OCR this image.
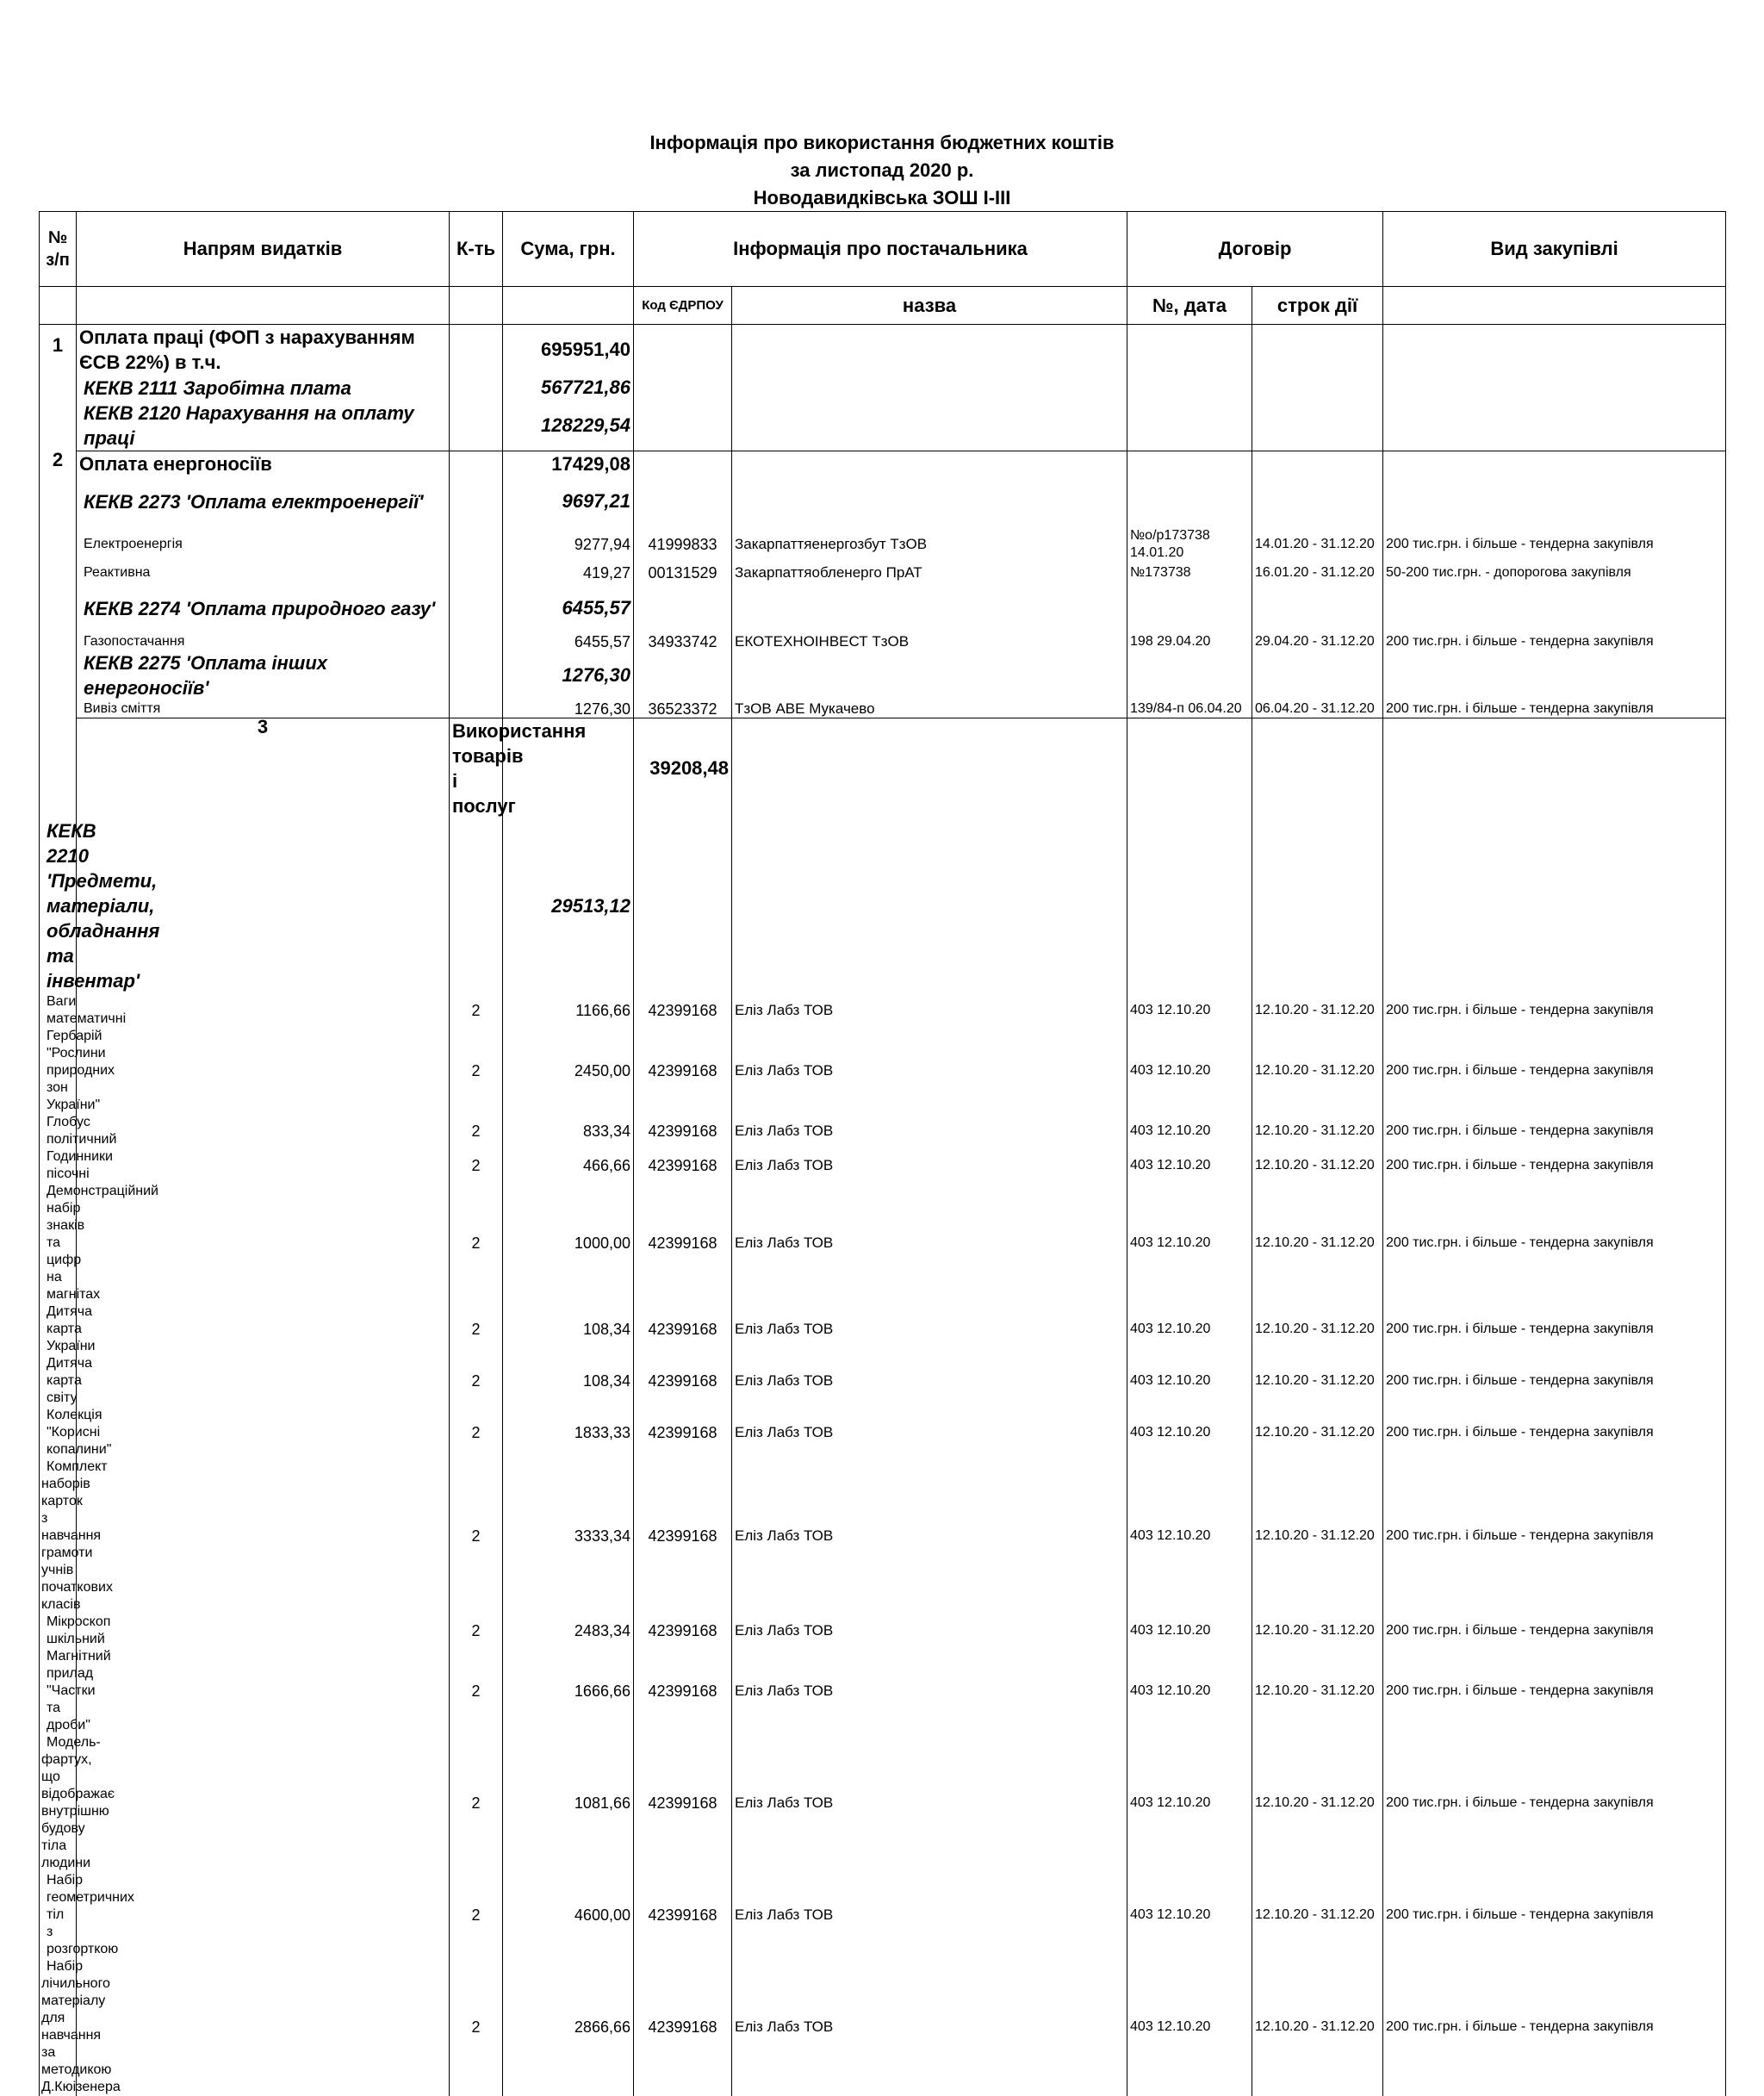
Інформація про використання бюджетних коштів
за листопад 2020 р.
Новодавидківська ЗОШ І-ІІІ
№ з/п	Напрям видатків	К-ть	Сума, грн.	Інформація про постачальника		Договір		Вид закупівлі	
				Код ЄДРПОУ	назва	№, дата	строк дії		
1	Оплата праці (ФОП з нарахуванням ЄСВ 22%) в т.ч.		695951,40						
	КЕКВ 2111 Заробітна плата		567721,86						
	КЕКВ 2120 Нарахування на оплату праці		128229,54						
2	Оплата енергоносіїв		17429,08						
	КЕКВ 2273 'Оплата електроенергії'		9697,21						
	Електроенергія		9277,94	41999833	Закарпаттяенергозбут ТзОВ	№о/р173738 14.01.20	14.01.20 - 31.12.20	200 тис.грн. і більше - тендерна закупівля	
	Реактивна		419,27	00131529	Закарпаттяобленерго ПрАТ	№173738	16.01.20 - 31.12.20	50-200 тис.грн. - допорогова закупівля	
	КЕКВ 2274 'Оплата природного газу'		6455,57						
	Газопостачання		6455,57	34933742	ЕКОТЕХНОІНВЕСТ ТзОВ	198 29.04.20	29.04.20 - 31.12.20	200 тис.грн. і більше - тендерна закупівля	
	КЕКВ 2275 'Оплата інших енергоносіїв'		1276,30						
	Вивіз сміття		1276,30	36523372	ТзОВ АВЕ Мукачево	139/84-п 06.04.20	06.04.20 - 31.12.20	200 тис.грн. і більше - тендерна закупівля	
	3	Використання товарів і послуг		39208,48					
КЕКВ 2210 'Предмети, матеріали, обладнання та інвентар'			29513,12						
Ваги математичні		2	1166,66	42399168	Еліз Лабз ТОВ	403 12.10.20	12.10.20 - 31.12.20	200 тис.грн. і більше - тендерна закупівля	
Гербарій "Рослини природних зон України"		2	2450,00	42399168	Еліз Лабз ТОВ	403 12.10.20	12.10.20 - 31.12.20	200 тис.грн. і більше - тендерна закупівля	
Глобус політичний		2	833,34	42399168	Еліз Лабз ТОВ	403 12.10.20	12.10.20 - 31.12.20	200 тис.грн. і більше - тендерна закупівля	
Годинники пісочні		2	466,66	42399168	Еліз Лабз ТОВ	403 12.10.20	12.10.20 - 31.12.20	200 тис.грн. і більше - тендерна закупівля	
Демонстраційний набір знаків та цифр на магнітах		2	1000,00	42399168	Еліз Лабз ТОВ	403 12.10.20	12.10.20 - 31.12.20	200 тис.грн. і більше - тендерна закупівля	
Дитяча карта України		2	108,34	42399168	Еліз Лабз ТОВ	403 12.10.20	12.10.20 - 31.12.20	200 тис.грн. і більше - тендерна закупівля	
Дитяча карта світу		2	108,34	42399168	Еліз Лабз ТОВ	403 12.10.20	12.10.20 - 31.12.20	200 тис.грн. і більше - тендерна закупівля	
Колекція "Корисні копалини"		2	1833,33	42399168	Еліз Лабз ТОВ	403 12.10.20	12.10.20 - 31.12.20	200 тис.грн. і більше - тендерна закупівля	
Комплект наборів карток з навчання грамоти учнів початкових класів		2	3333,34	42399168	Еліз Лабз ТОВ	403 12.10.20	12.10.20 - 31.12.20	200 тис.грн. і більше - тендерна закупівля	
Мікроскоп шкільний		2	2483,34	42399168	Еліз Лабз ТОВ	403 12.10.20	12.10.20 - 31.12.20	200 тис.грн. і більше - тендерна закупівля	
Магнітний прилад "Частки та дроби"		2	1666,66	42399168	Еліз Лабз ТОВ	403 12.10.20	12.10.20 - 31.12.20	200 тис.грн. і більше - тендерна закупівля	
Модель-фартух, що відображає внутрішню будову тіла людини		2	1081,66	42399168	Еліз Лабз ТОВ	403 12.10.20	12.10.20 - 31.12.20	200 тис.грн. і більше - тендерна закупівля	
Набір геометричних тіл з розгорткою		2	4600,00	42399168	Еліз Лабз ТОВ	403 12.10.20	12.10.20 - 31.12.20	200 тис.грн. і більше - тендерна закупівля	
Набір лічильного матеріалу для навчання за методикою Д.Кюізенера		2	2866,66	42399168	Еліз Лабз ТОВ	403 12.10.20	12.10.20 - 31.12.20	200 тис.грн. і більше - тендерна закупівля	
